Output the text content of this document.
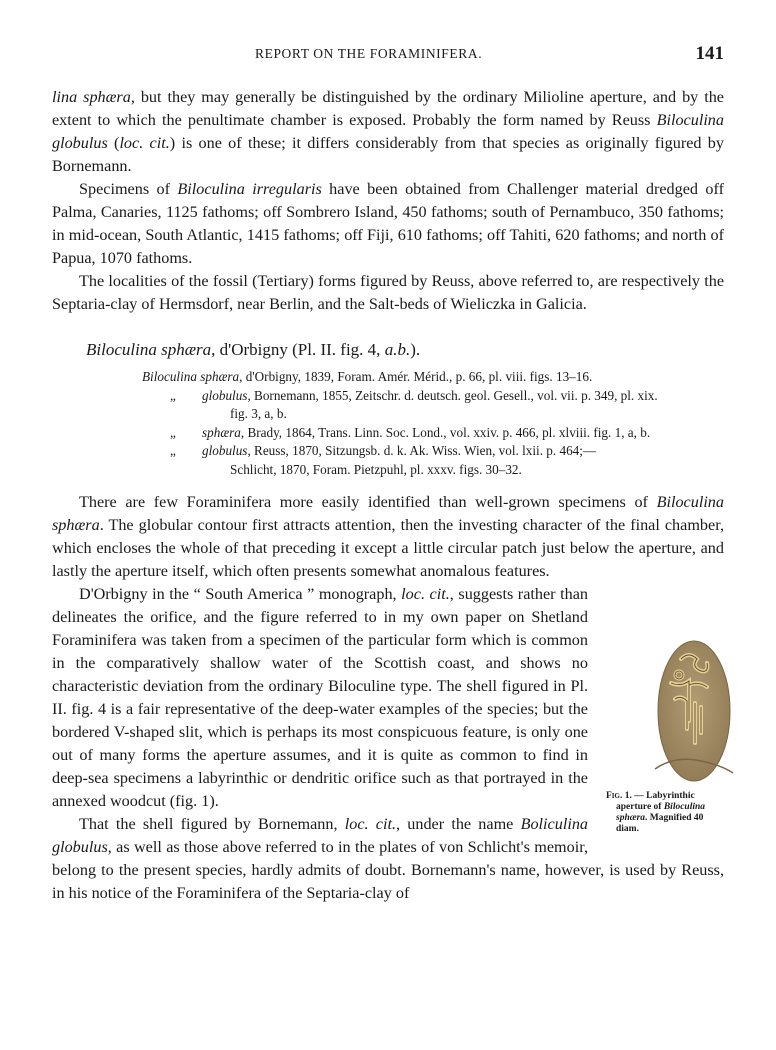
REPORT ON THE FORAMINIFERA.	141

lina sphæra, but they may generally be distinguished by the ordinary Milioline aperture, and by the extent to which the penultimate chamber is exposed. Probably the form named by Reuss Biloculina globulus (loc. cit.) is one of these; it differs considerably from that species as originally figured by Bornemann.

Specimens of Biloculina irregularis have been obtained from Challenger material dredged off Palma, Canaries, 1125 fathoms; off Sombrero Island, 450 fathoms; south of Pernambuco, 350 fathoms; in mid-ocean, South Atlantic, 1415 fathoms; off Fiji, 610 fathoms; off Tahiti, 620 fathoms; and north of Papua, 1070 fathoms.

The localities of the fossil (Tertiary) forms figured by Reuss, above referred to, are respectively the Septaria-clay of Hermsdorf, near Berlin, and the Salt-beds of Wieliczka in Galicia.

Biloculina sphæra, d'Orbigny (Pl. II. fig. 4, a.b.).

Biloculina sphæra, d'Orbigny, 1839, Foram. Amér. Mérid., p. 66, pl. viii. figs. 13–16.
„ globulus, Bornemann, 1855, Zeitschr. d. deutsch. geol. Gesell., vol. vii. p. 349, pl. xix.
fig. 3, a, b.
„ sphæra, Brady, 1864, Trans. Linn. Soc. Lond., vol. xxiv. p. 466, pl. xlviii. fig. 1, a, b.
„ globulus, Reuss, 1870, Sitzungsb. d. k. Ak. Wiss. Wien, vol. lxii. p. 464;—
Schlicht, 1870, Foram. Pietzpuhl, pl. xxxv. figs. 30–32.

There are few Foraminifera more easily identified than well-grown specimens of Biloculina sphæra. The globular contour first attracts attention, then the investing character of the final chamber, which encloses the whole of that preceding it except a little circular patch just below the aperture, and lastly the aperture itself, which often presents somewhat anomalous features.

D'Orbigny in the “ South America ” monograph, loc. cit.
Fig. 1. — Labyrinthic aperture of Biloculina sphæra. Magnified 40 diam.
, suggests rather than delineates the orifice, and the figure referred to in my own paper on Shetland Foraminifera was taken from a specimen of the particular form which is common in the comparatively shallow water of the Scottish coast, and shows no characteristic deviation from the ordinary Biloculine type. The shell figured in Pl. II. fig. 4 is a fair representative of the deep-water examples of the species; but the bordered V-shaped slit, which is perhaps its most conspicuous feature, is only one out of many forms the aperture assumes, and it is quite as common to find in deep-sea specimens a labyrinthic or dendritic orifice such as that portrayed in the annexed woodcut (fig. 1).

That the shell figured by Bornemann, loc. cit., under the name Boliculina globulus, as well as those above referred to in the plates of von Schlicht's memoir, belong to the present species, hardly admits of doubt. Bornemann's name, however, is used by Reuss, in his notice of the Foraminifera of the Septaria-clay of
